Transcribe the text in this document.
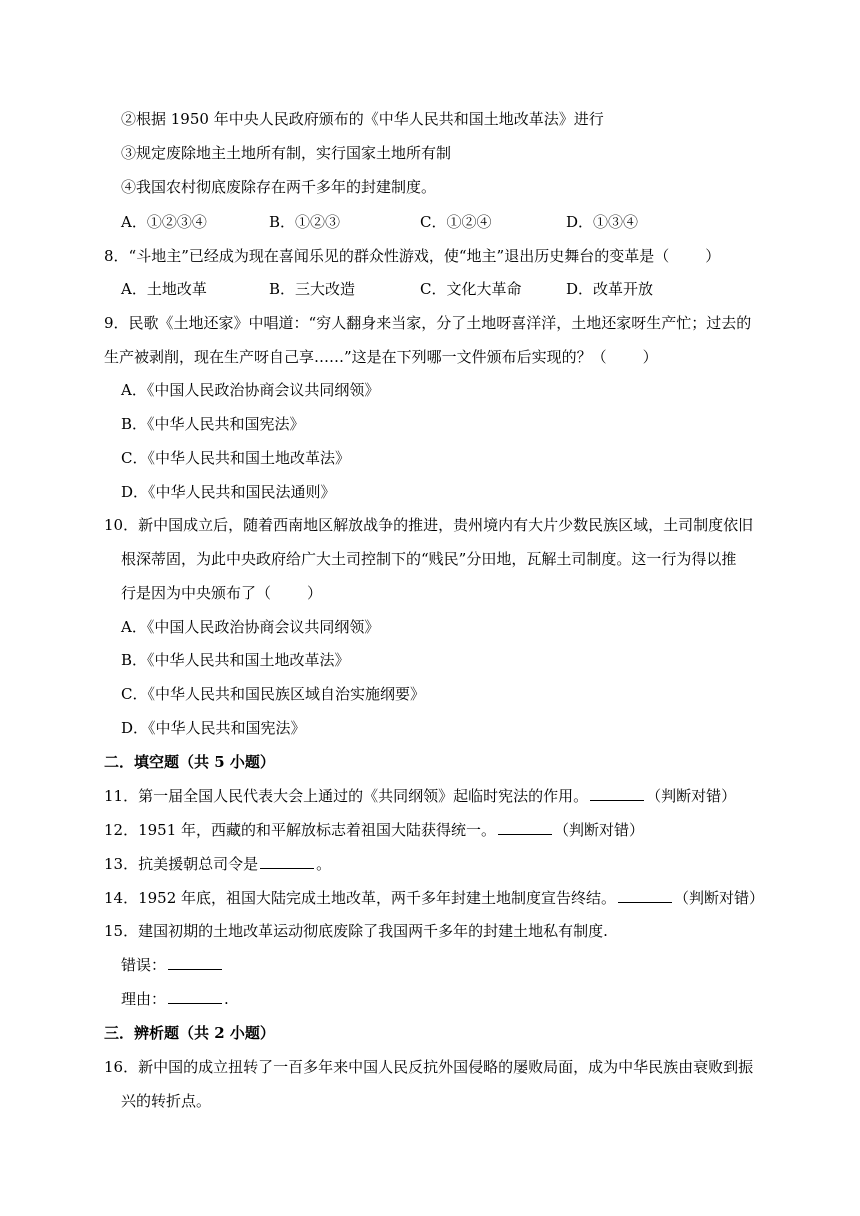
②根据 1950 年中央人民政府颁布的《中华人民共和国土地改革法》进行
③规定废除地主土地所有制，实行国家土地所有制
④我国农村彻底废除存在两千多年的封建制度。
A．①②③④	B．①②③	C．①②④	D．①③④
8．“斗地主”已经成为现在喜闻乐见的群众性游戏，使“地主”退出历史舞台的变革是（ ）
A．土地改革	B．三大改造	C．文化大革命	D．改革开放
9．民歌《土地还家》中唱道：“穷人翻身来当家，分了土地呀喜洋洋，土地还家呀生产忙；过去的
生产被剥削，现在生产呀自己享……”这是在下列哪一文件颁布后实现的？（ ）
A．《中国人民政治协商会议共同纲领》
B．《中华人民共和国宪法》
C．《中华人民共和国土地改革法》
D．《中华人民共和国民法通则》
10．新中国成立后，随着西南地区解放战争的推进，贵州境内有大片少数民族区域，土司制度依旧
根深蒂固，为此中央政府给广大土司控制下的“贱民”分田地，瓦解土司制度。这一行为得以推
行是因为中央颁布了（ ）
A．《中国人民政治协商会议共同纲领》
B．《中华人民共和国土地改革法》
C．《中华人民共和国民族区域自治实施纲要》
D．《中华人民共和国宪法》
二．填空题（共 5 小题）
11．第一届全国人民代表大会上通过的《共同纲领》起临时宪法的作用。	（判断对错）
12．1951 年，西藏的和平解放标志着祖国大陆获得统一。	（判断对错）
13．抗美援朝总司令是	。
14．1952 年底，祖国大陆完成土地改革，两千多年封建土地制度宣告终结。	（判断对错）
15．建国初期的土地改革运动彻底废除了我国两千多年的封建土地私有制度.
错误：
理由：	.
三．辨析题（共 2 小题）
16．新中国的成立扭转了一百多年来中国人民反抗外国侵略的屡败局面，成为中华民族由衰败到振
兴的转折点。
